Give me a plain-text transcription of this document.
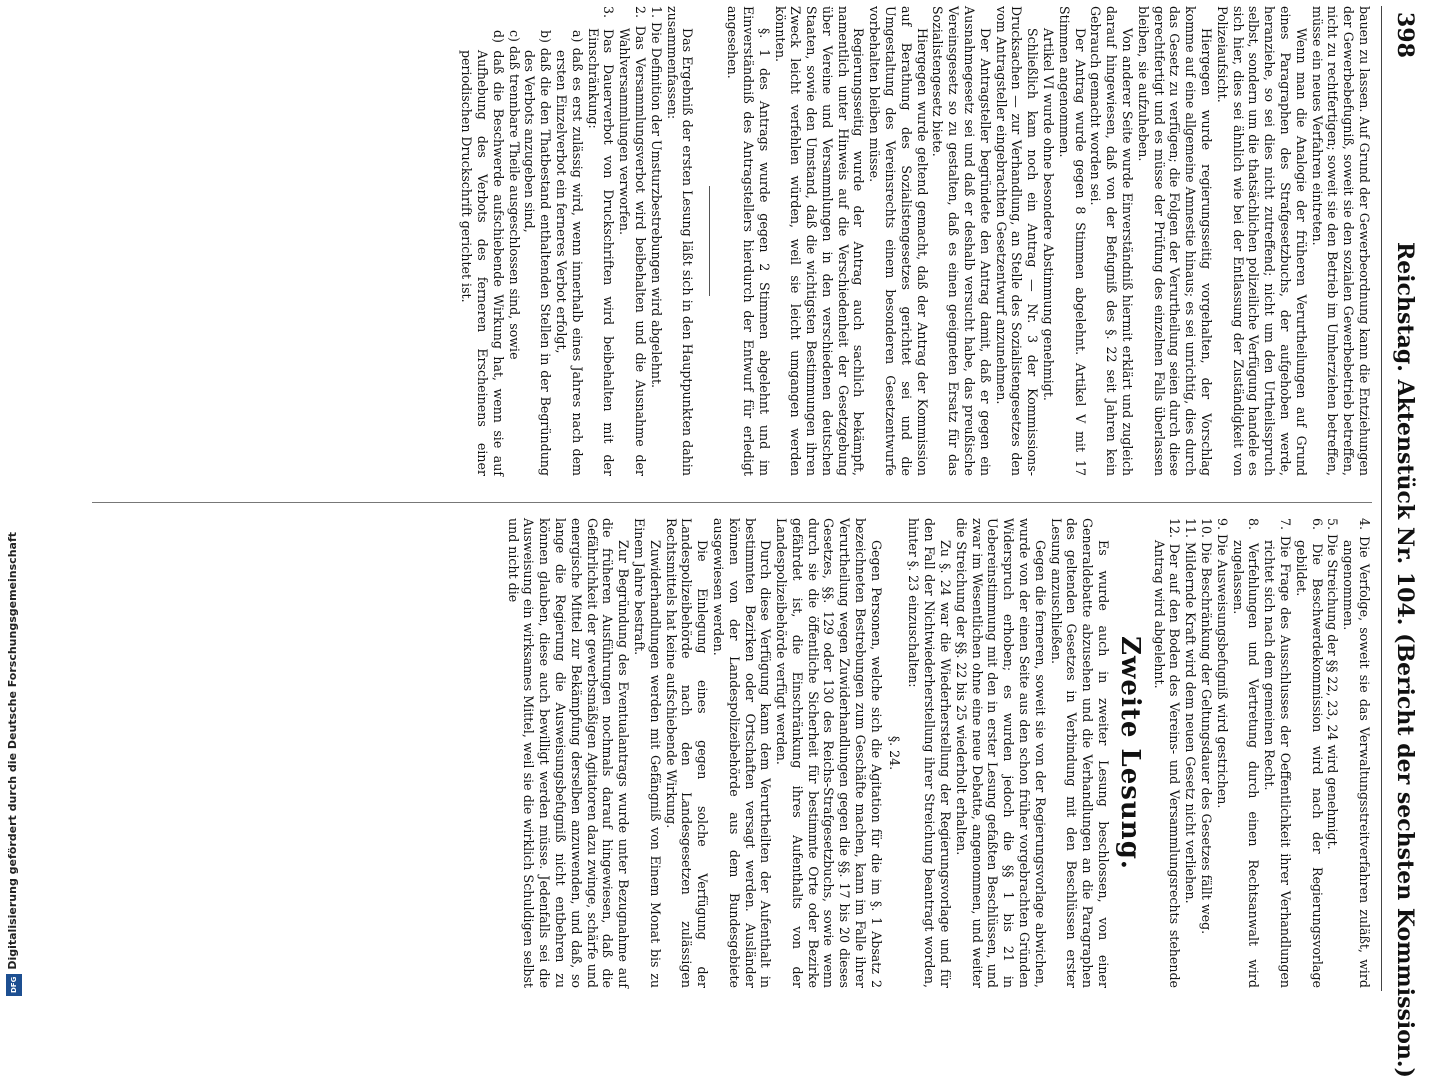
398
Reichstag. Aktenstück Nr. 104. (Bericht der sechsten Kommission.)

bauen zu lassen. Auf Grund der Gewerbeordnung kann die Entziehungen der Gewerbebefugniß, soweit sie den sozialen Gewerbebetrieb betreffen, nicht zu rechtfertigen; soweit sie den Betrieb im Umherziehen betreffen, müsse ein neues Verfahren eintreten.

Wenn man die Analogie der früheren Verurtheilungen auf Grund eines Paragraphen des Strafgesetzbuchs, der aufgehoben werde, heranziehe, so sei dies nicht zutreffend; nicht um den Urtheilsspruch selbst, sondern um die thatsächlichen polizeiliche Verfügung handele es sich hier, dies sei ähnlich wie bei der Entlassung der Zuständigkeit von Polizeiaufsicht.

Hiergegen wurde regierungsseitig vorgehalten, der Vorschlag komme auf eine allgemeine Amnestie hinaus; es sei unrichtig, dies durch das Gesetz zu verfügen; die Folgen der Verurtheilung seien durch diese gerechtfertigt und es müsse der Prüfung des einzelnen Falls überlassen bleiben, sie aufzuheben.

Von anderer Seite wurde Einverständniß hiermit erklärt und zugleich darauf hingewiesen, daß von der Befugniß des §. 22 seit Jahren kein Gebrauch gemacht worden sei.

Der Antrag wurde gegen 8 Stimmen abgelehnt. Artikel V mit 17 Stimmen angenommen.

Artikel VI wurde ohne besondere Abstimmung genehmigt.

Schließlich kam noch ein Antrag — Nr. 3 der Kommissions-Drucksachen — zur Verhandlung, an Stelle des Sozialistengesetzes den vom Antragsteller eingebrachten Gesetzentwurf anzunehmen.

Der Antragsteller begründete den Antrag damit, daß er gegen ein Ausnahmegesetz sei und daß er deshalb versucht habe, das preußische Vereinsgesetz so zu gestalten, daß es einen geeigneten Ersatz für das Sozialistengesetz biete.

Hiergegen wurde geltend gemacht, daß der Antrag der Kommission auf Berathung des Sozialistengesetzes gerichtet sei und die Umgestaltung des Vereinsrechts einem besonderen Gesetzentwurfe vorbehalten bleiben müsse.

Regierungsseitig wurde der Antrag auch sachlich bekämpft, namentlich unter Hinweis auf die Verschiedenheit der Gesetzgebung über Vereine und Versammlungen in den verschiedenen deutschen Staaten, sowie den Umstand, daß die wichtigsten Bestimmungen ihren Zweck leicht verfehlen würden, weil sie leicht umgangen werden könnten.

§. 1 des Antrags wurde gegen 2 Stimmen abgelehnt und im Einverständniß des Antragstellers hierdurch der Entwurf für erledigt angesehen.

Das Ergebniß der ersten Lesung läßt sich in den Hauptpunkten dahin zusammenfassen:

1. Die Definition der Umsturzbestrebungen wird abgelehnt.

2. Das Versammlungsverbot wird beibehalten und die Ausnahme der Wahlversammlungen verworfen.

3. Das Dauerverbot von Druckschriften wird beibehalten mit der Einschränkung:

a) daß es erst zulässig wird, wenn innerhalb eines Jahres nach dem ersten Einzelverbot ein ferneres Verbot erfolgt,

b) daß die den Thatbestand enthaltenden Stellen in der Begründung des Verbots anzugeben sind,

c) daß trennbare Theile ausgeschlossen sind, sowie

d) daß die Beschwerde aufschiebende Wirkung hat, wenn sie auf Aufhebung des Verbots des ferneren Erscheinens einer periodischen Druckschrift gerichtet ist.

4. Die Verfolge, soweit sie das Verwaltungsstreitverfahren zuläßt, wird angenommen.

5. Die Streichung der §§ 22, 23, 24 wird genehmigt.

6. Die Beschwerdekommission wird nach der Regierungsvorlage gebildet.

7. Die Frage des Ausschlusses der Oeffentlichkeit ihrer Verhandlungen richtet sich nach dem gemeinen Recht.

8. Verfehlungen und Vertretung durch einen Rechtsanwalt wird zugelassen.

9. Die Ausweisungsbefugniß wird gestrichen.

10. Die Beschränkung der Geltungsdauer des Gesetzes fällt weg.

11. Mildernde Kraft wird dem neuen Gesetz nicht verliehen.

12. Der auf den Boden des Vereins- und Versammlungsrechts stehende Antrag wird abgelehnt.

Zweite Lesung.

Es wurde auch in zweiter Lesung beschlossen, von einer Generaldebatte abzusehen und die Verhandlungen an die Paragraphen des geltenden Gesetzes in Verbindung mit den Beschlüssen erster Lesung anzuschließen.

Gegen die ferneren, soweit sie von der Regierungsvorlage abwichen, wurde von der einen Seite aus den schon früher vorgebrachten Gründen Widerspruch erhoben; es wurden jedoch die §§ 1 bis 21 in Uebereinstimmung mit den in erster Lesung gefaßten Beschlüssen, und zwar im Wesentlichen ohne eine neue Debatte, angenommen, und weiter die Streichung der §§. 22 bis 25 wiederholt erhalten.

Zu §. 24 war die Wiederherstellung der Regierungsvorlage und für den Fall der Nichtwiederherstellung ihrer Streichung beantragt worden, hinter §. 23 einzuschalten:

§. 24.

Gegen Personen, welche sich die Agitation für die im §. 1 Absatz 2 bezeichneten Bestrebungen zum Geschäfte machen, kann im Falle ihrer Verurtheilung wegen Zuwiderhandlungen gegen die §§. 17 bis 20 dieses Gesetzes, §§. 129 oder 130 des Reichs-Strafgesetzbuchs, sowie wenn durch sie die öffentliche Sicherheit für bestimmte Orte oder Bezirke gefährdet ist, die Einschränkung ihres Aufenthalts von der Landespolizeibehörde verfügt werden.

Durch diese Verfügung kann dem Verurtheilten der Aufenthalt in bestimmten Bezirken oder Ortschaften versagt werden. Ausländer können von der Landespolizeibehörde aus dem Bundesgebiete ausgewiesen werden.

Die Einlegung eines gegen solche Verfügung der Landespolizeibehörde nach den Landesgesetzen zulässigen Rechtsmittels hat keine aufschiebende Wirkung.

Zuwiderhandlungen werden mit Gefängniß von Einem Monat bis zu Einem Jahre bestraft.

Zur Begründung des Eventualantrags wurde unter Bezugnahme auf die früheren Ausführungen nochmals darauf hingewiesen, daß die Gefährlichkeit der gewerbsmäßigen Agitatoren dazu zwinge, schärfe und energische Mittel zur Bekämpfung derselben anzuwenden, und daß, so lange die Regierung die Ausweisungsbefugniß nicht entbehren zu können glauben, diese auch bewilligt werden müsse. Jedenfalls sei die Ausweisung ein wirksames Mittel, weil sie die wirklich Schuldigen selbst und nicht die

Digitalisierung gefördert durch die Deutsche Forschungsgemeinschaft
DFG
